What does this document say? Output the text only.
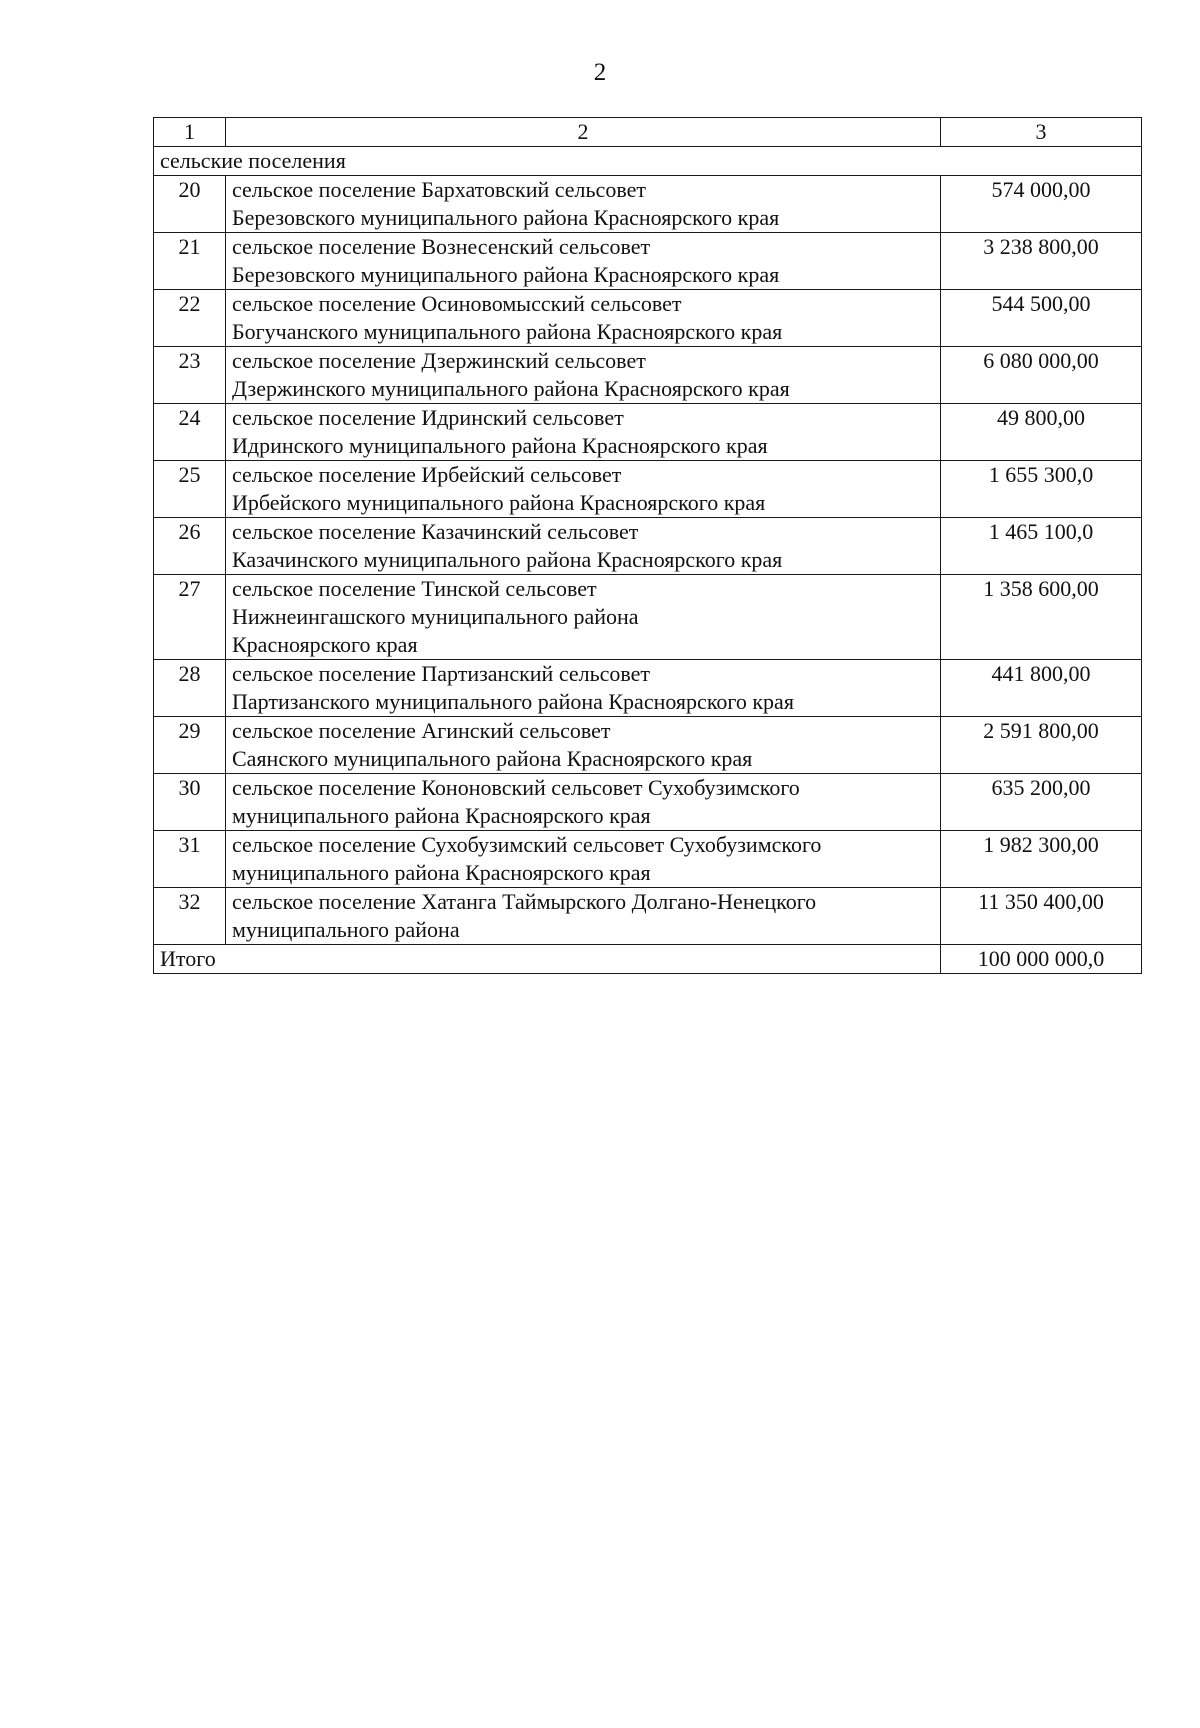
2
1	2	3
сельские поселения		
20	сельское поселение Бархатовский сельсовет
Березовского муниципального района Красноярского края	574 000,00
21	сельское поселение Вознесенский сельсовет
Березовского муниципального района Красноярского края	3 238 800,00
22	сельское поселение Осиновомысский сельсовет
Богучанского муниципального района Красноярского края	544 500,00
23	сельское поселение Дзержинский сельсовет
Дзержинского муниципального района Красноярского края	6 080 000,00
24	сельское поселение Идринский сельсовет
Идринского муниципального района Красноярского края	49 800,00
25	сельское поселение Ирбейский сельсовет
Ирбейского муниципального района Красноярского края	1 655 300,0
26	сельское поселение Казачинский сельсовет
Казачинского муниципального района Красноярского края	1 465 100,0
27	сельское поселение Тинской сельсовет
Нижнеингашского муниципального района
Красноярского края	1 358 600,00
28	сельское поселение Партизанский сельсовет
Партизанского муниципального района Красноярского края	441 800,00
29	сельское поселение Агинский сельсовет
Саянского муниципального района Красноярского края	2 591 800,00
30	сельское поселение Кононовский сельсовет Сухобузимского
муниципального района Красноярского края	635 200,00
31	сельское поселение Сухобузимский сельсовет Сухобузимского
муниципального района Красноярского края	1 982 300,00
32	сельское поселение Хатанга Таймырского Долгано-Ненецкого
муниципального района	11 350 400,00
Итого		100 000 000,0
